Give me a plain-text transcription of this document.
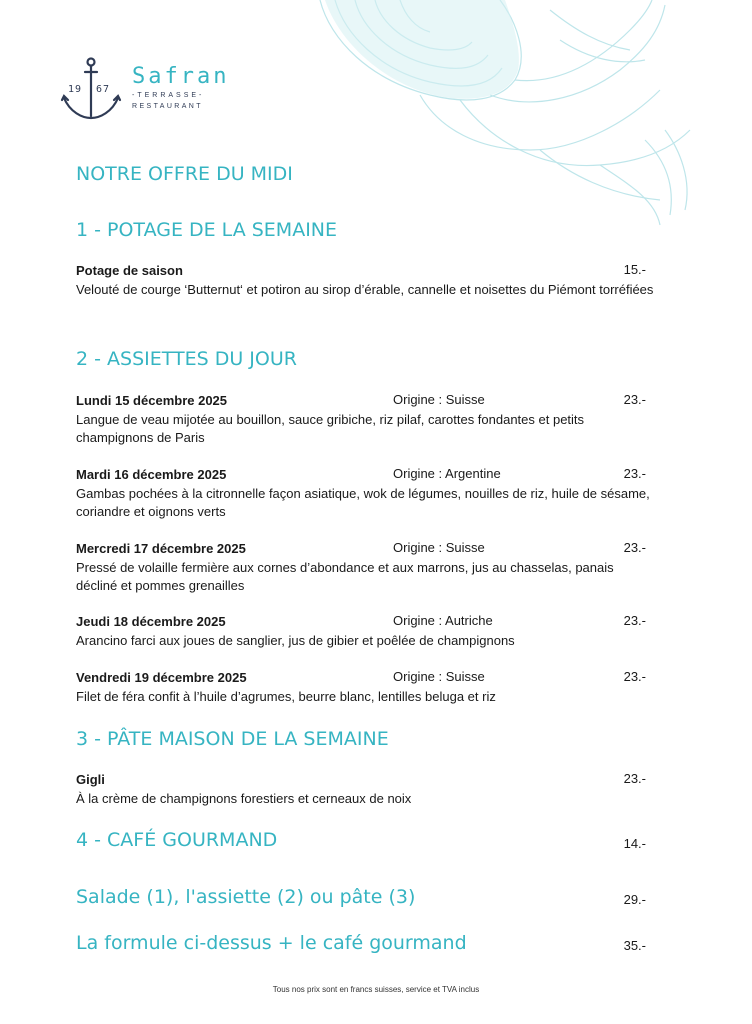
19 67
Safran
-TERRASSE-
RESTAURANT
NOTRE OFFRE DU MIDI
1 - POTAGE DE LA SEMAINE
Potage de saison	15.-
Velouté de courge ‘Butternut‘ et potiron au sirop d’érable, cannelle et noisettes du Piémont torréfiées
2 - ASSIETTES DU JOUR
Lundi 15 décembre 2025	Origine : Suisse	23.-
Langue de veau mijotée au bouillon, sauce gribiche, riz pilaf, carottes fondantes et petits champignons de Paris
Mardi 16 décembre 2025	Origine : Argentine	23.-
Gambas pochées à la citronnelle façon asiatique, wok de légumes, nouilles de riz, huile de sésame, coriandre et oignons verts
Mercredi 17 décembre 2025	Origine : Suisse	23.-
Pressé de volaille fermière aux cornes d’abondance et aux marrons, jus au chasselas, panais décliné et pommes grenailles
Jeudi 18 décembre 2025	Origine : Autriche	23.-
Arancino farci aux joues de sanglier, jus de gibier et poêlée de champignons
Vendredi 19 décembre 2025	Origine : Suisse	23.-
Filet de féra confit à l’huile d’agrumes, beurre blanc, lentilles beluga et riz
3 - PÂTE MAISON DE LA SEMAINE
Gigli	23.-
À la crème de champignons forestiers et cerneaux de noix
4 - CAFÉ GOURMAND	14.-
Salade (1), l'assiette (2) ou pâte (3)	29.-
La formule ci-dessus + le café gourmand	35.-
Tous nos prix sont en francs suisses, service et TVA inclus
